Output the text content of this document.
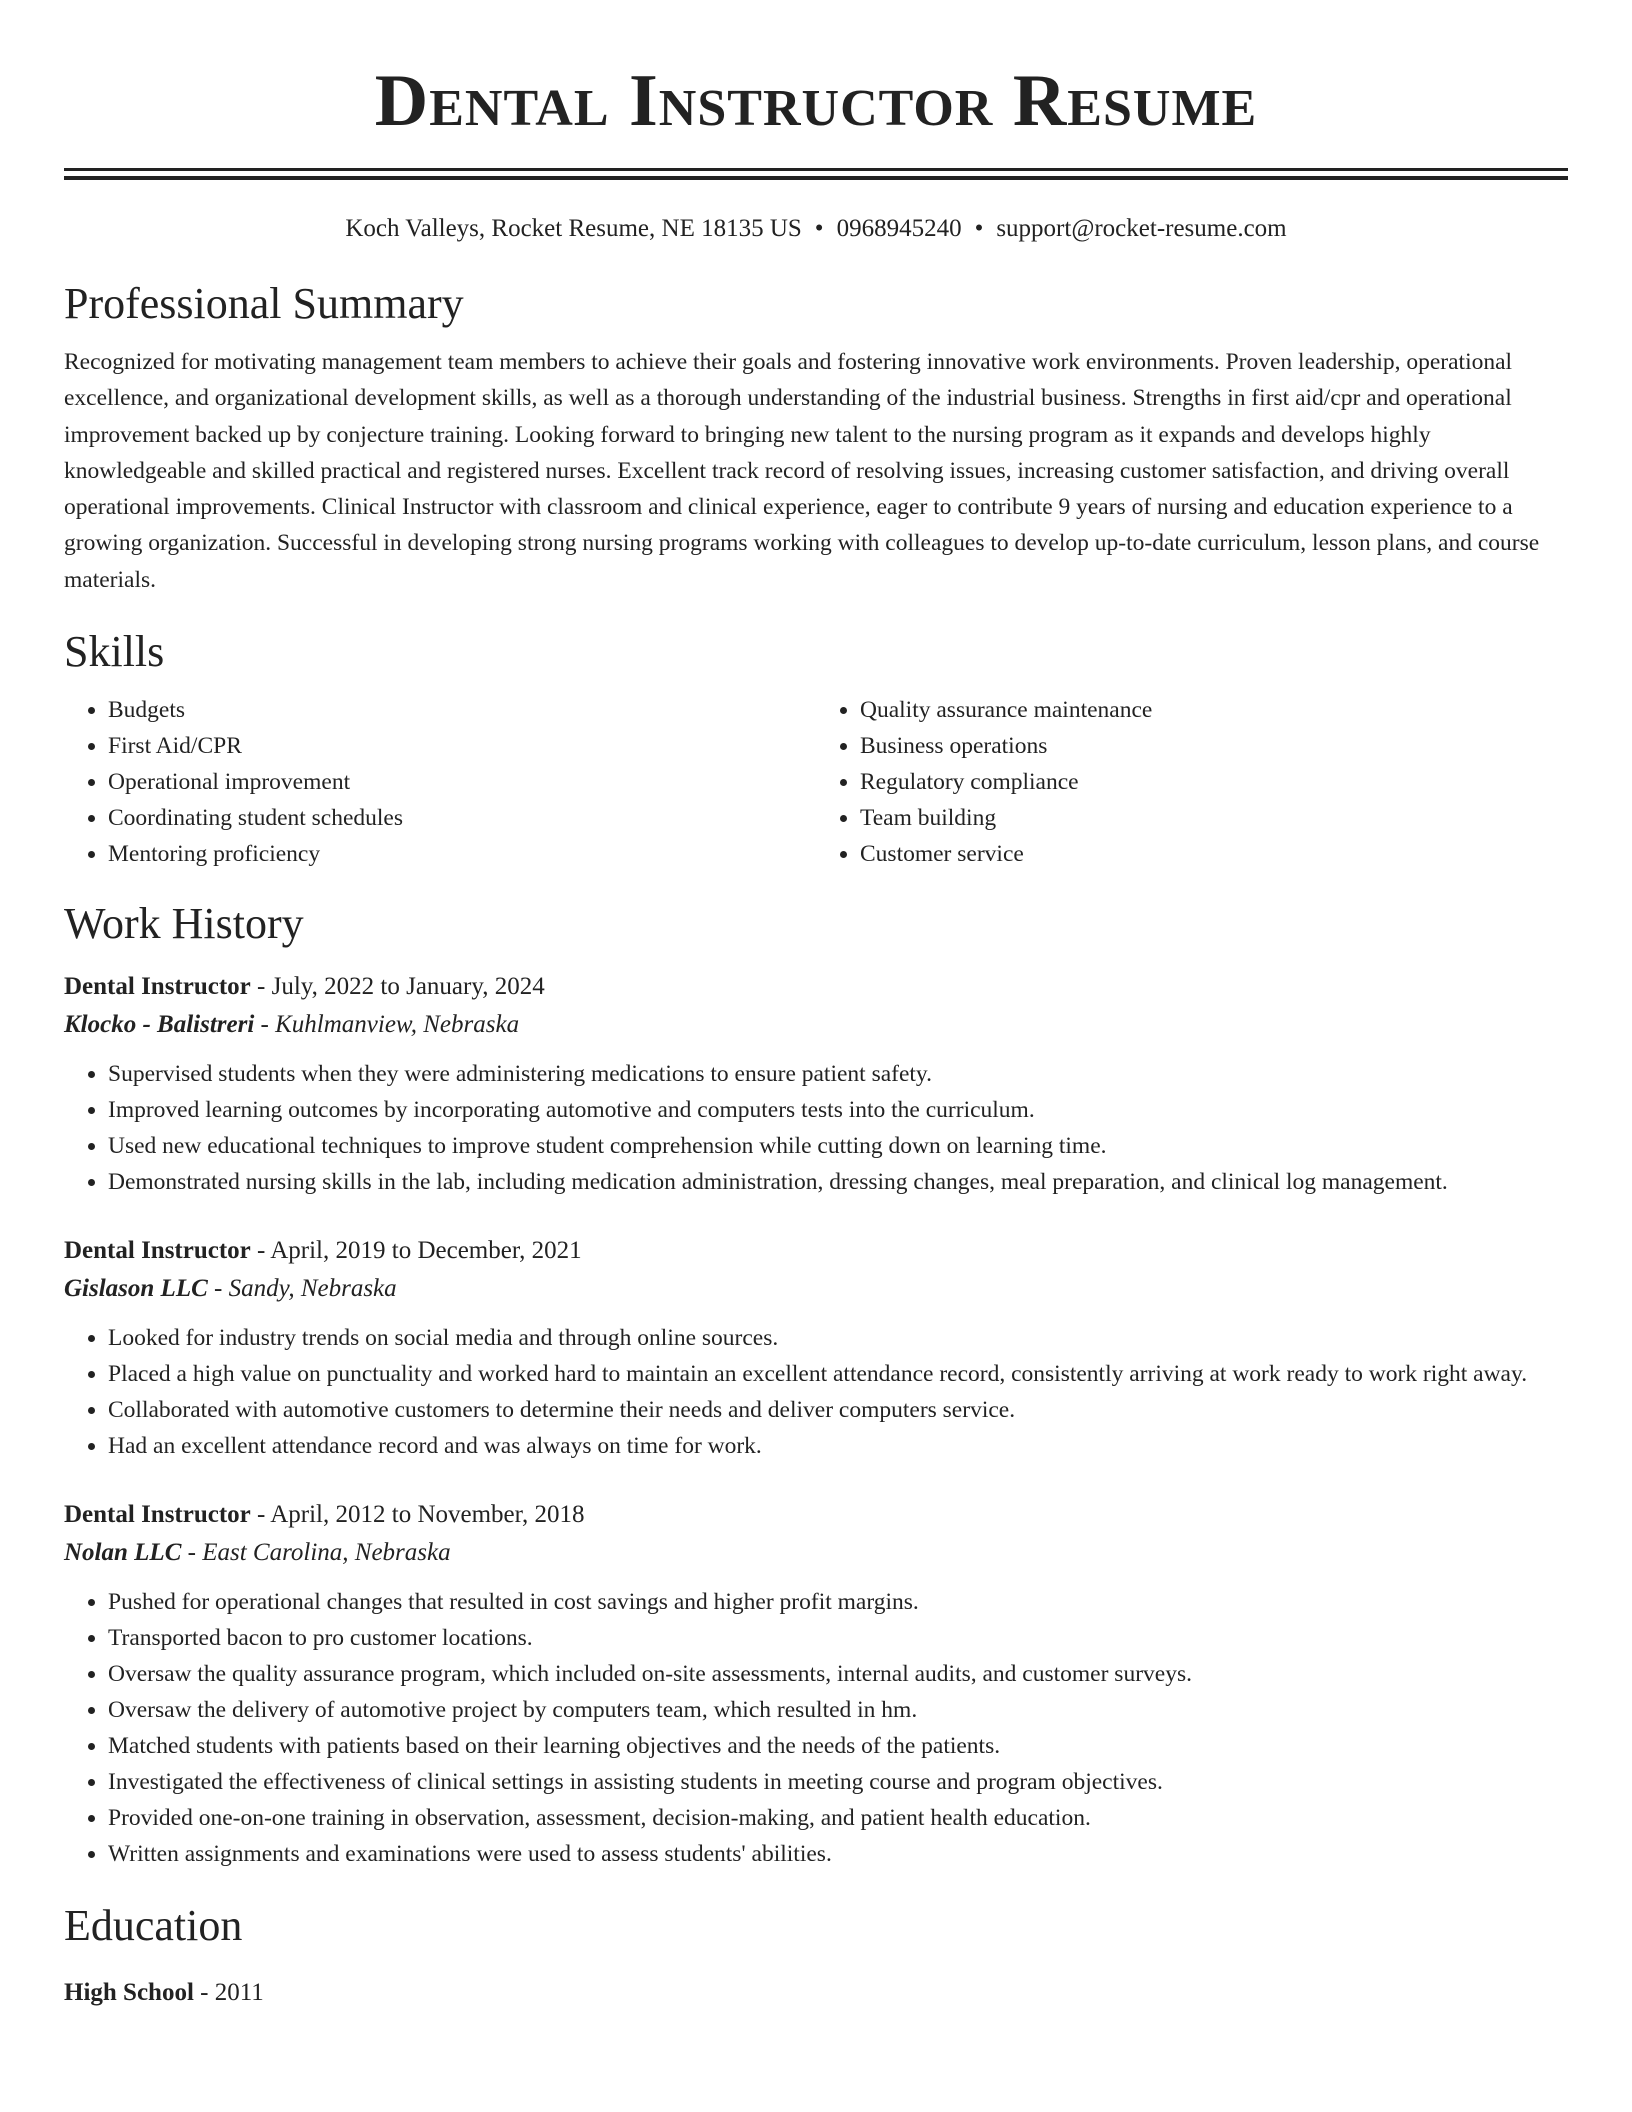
Dental Instructor Resume
Koch Valleys, Rocket Resume, NE 18135 US • 0968945240 • support@rocket-resume.com
Professional Summary

Recognized for motivating management team members to achieve their goals and fostering innovative work environments. Proven leadership, operational excellence, and organizational development skills, as well as a thorough understanding of the industrial business. Strengths in first aid/cpr and operational improvement backed up by conjecture training. Looking forward to bringing new talent to the nursing program as it expands and develops highly knowledgeable and skilled practical and registered nurses. Excellent track record of resolving issues, increasing customer satisfaction, and driving overall operational improvements. Clinical Instructor with classroom and clinical experience, eager to contribute 9 years of nursing and education experience to a growing organization. Successful in developing strong nursing programs working with colleagues to develop up-to-date curriculum, lesson plans, and course materials.

Skills
• Budgets
• First Aid/CPR
• Operational improvement
• Coordinating student schedules
• Mentoring proficiency
• Quality assurance maintenance
• Business operations
• Regulatory compliance
• Team building
• Customer service
Work History
Dental Instructor - July, 2022 to January, 2024
Klocko - Balistreri - Kuhlmanview, Nebraska
• Supervised students when they were administering medications to ensure patient safety.
• Improved learning outcomes by incorporating automotive and computers tests into the curriculum.
• Used new educational techniques to improve student comprehension while cutting down on learning time.
• Demonstrated nursing skills in the lab, including medication administration, dressing changes, meal preparation, and clinical log management.
Dental Instructor - April, 2019 to December, 2021
Gislason LLC - Sandy, Nebraska
• Looked for industry trends on social media and through online sources.
• Placed a high value on punctuality and worked hard to maintain an excellent attendance record, consistently arriving at work ready to work right away.
• Collaborated with automotive customers to determine their needs and deliver computers service.
• Had an excellent attendance record and was always on time for work.
Dental Instructor - April, 2012 to November, 2018
Nolan LLC - East Carolina, Nebraska
• Pushed for operational changes that resulted in cost savings and higher profit margins.
• Transported bacon to pro customer locations.
• Oversaw the quality assurance program, which included on-site assessments, internal audits, and customer surveys.
• Oversaw the delivery of automotive project by computers team, which resulted in hm.
• Matched students with patients based on their learning objectives and the needs of the patients.
• Investigated the effectiveness of clinical settings in assisting students in meeting course and program objectives.
• Provided one-on-one training in observation, assessment, decision-making, and patient health education.
• Written assignments and examinations were used to assess students' abilities.
Education
High School - 2011
